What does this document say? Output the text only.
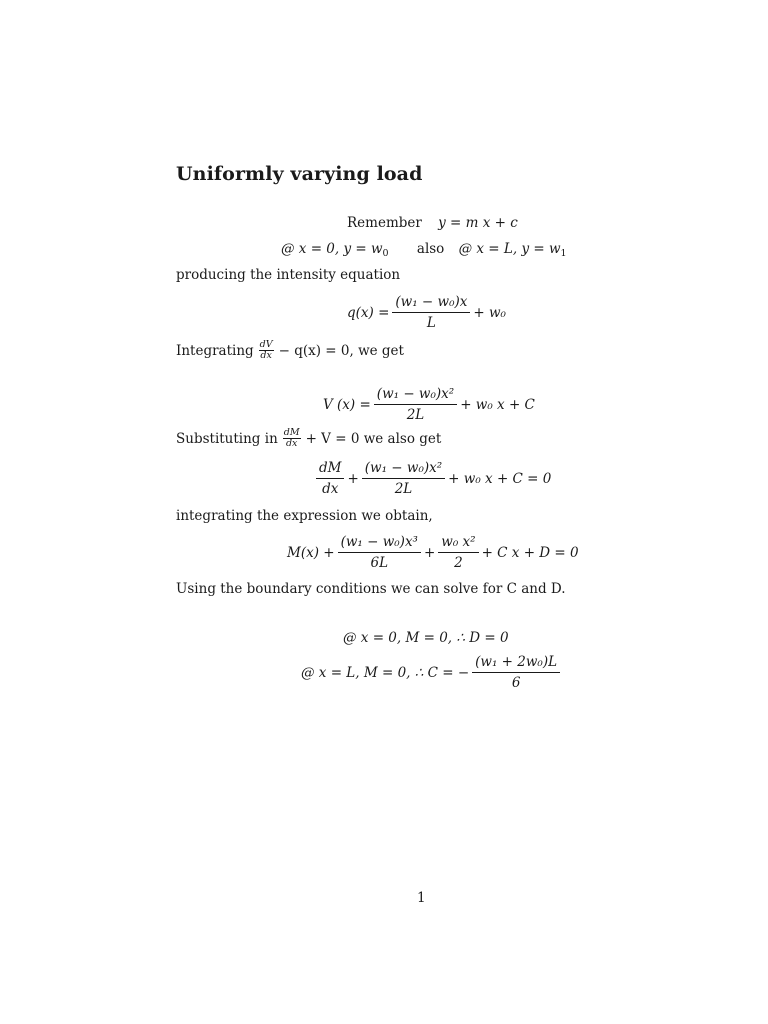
Uniformly varying load
Remember y = m x + c
@ x = 0, $y = w_0$ also @ x = L, $y = w_1$
producing the intensity equation
$q(x) = \frac{\text{(w₁ − w₀)x}}{L} + w_0$
Integrating $\frac{dV}{dx} - q(x) = 0$, we get
V $(x) = \frac{\text{(w₁ − w₀)x²}}{2L} + w_0$ x + C
Substituting in $\frac{dM}{dx} + V = 0$ we also get
$\frac{dM}{dx} + \frac{\text{(w₁ − w₀)x²}}{2L} + w_0$ x + C = 0
integrating the expression we obtain,
$M(x) + \frac{\text{(w₁ − w₀)x³}}{6L} + \frac{\text{w₀ x²}}{2} + C$ x + D = 0
Using the boundary conditions we can solve for C and D.
@ x = 0, M = 0, ∴ D = 0
@ x = L, M = 0, ∴ C = − $\frac{\text{(w₁ + 2w₀)L}}{6}$
1
